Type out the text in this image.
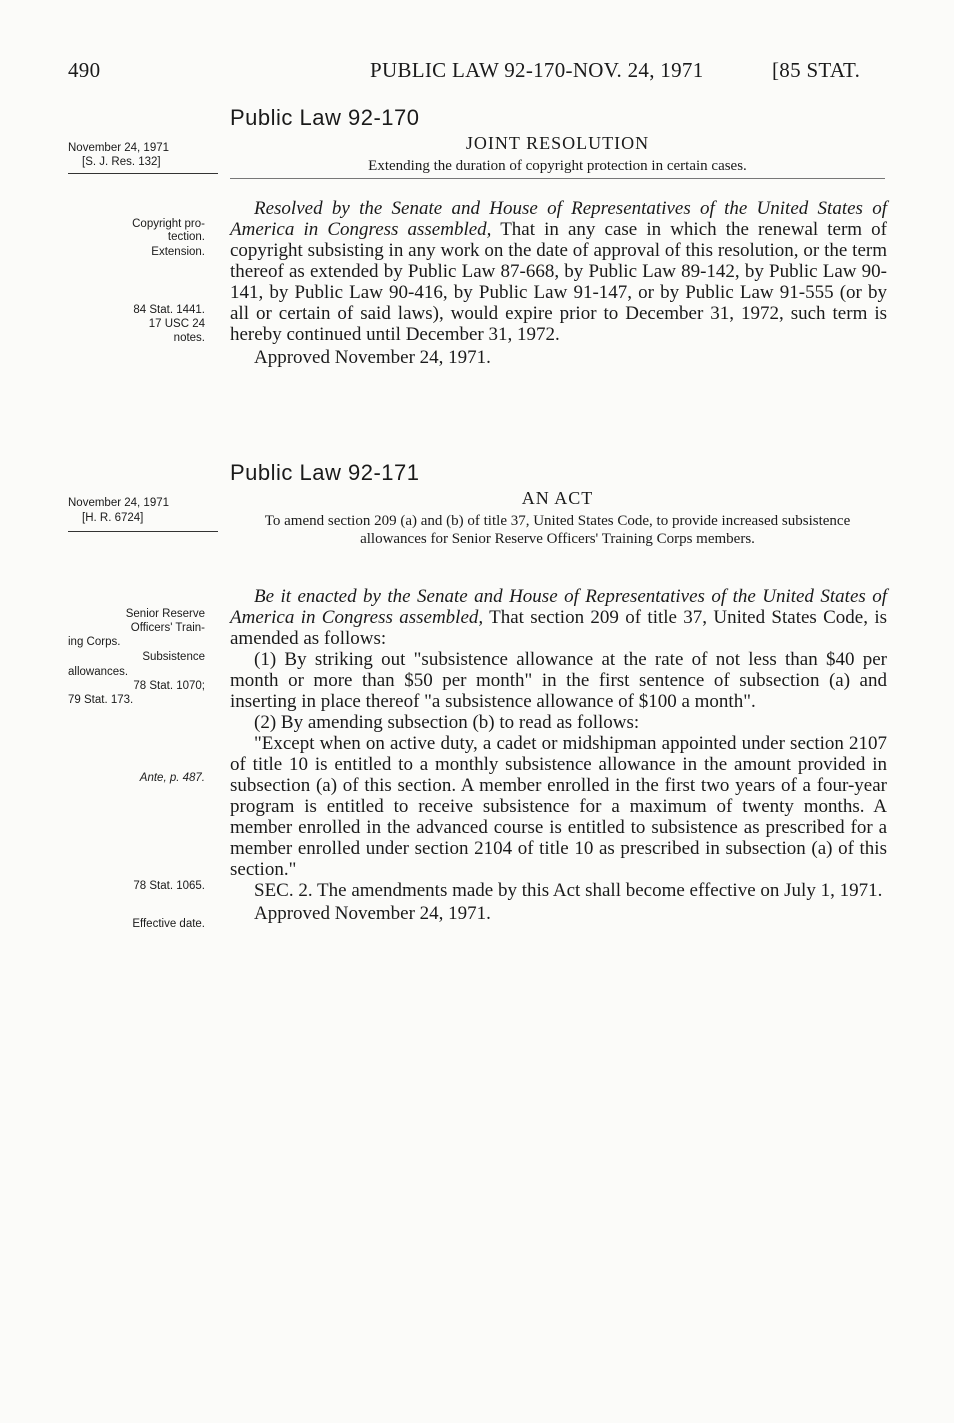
490	PUBLIC LAW 92-170-NOV. 24, 1971	[85 STAT.
Public Law 92-170
JOINT RESOLUTION
Extending the duration of copyright protection in certain cases.
November 24, 1971
[S. J. Res. 132]
Copyright pro-
tection.
Extension.
84 Stat. 1441.
17 USC 24
notes.

Resolved by the Senate and House of Representatives of the United States of America in Congress assembled, That in any case in which the renewal term of copyright subsisting in any work on the date of approval of this resolution, or the term thereof as extended by Public Law 87-668, by Public Law 89-142, by Public Law 90-141, by Public Law 90-416, by Public Law 91-147, or by Public Law 91-555 (or by all or certain of said laws), would expire prior to December 31, 1972, such term is hereby continued until December 31, 1972.

Approved November 24, 1971.

Public Law 92-171
AN ACT
To amend section 209 (a) and (b) of title 37, United States Code, to provide increased subsistence allowances for Senior Reserve Officers' Training Corps members.
November 24, 1971
[H. R. 6724]
Senior Reserve
Officers' Train-
ing Corps.
Subsistence
allowances.
78 Stat. 1070;
79 Stat. 173.
Ante, p. 487.
78 Stat. 1065.
Effective date.

Be it enacted by the Senate and House of Representatives of the United States of America in Congress assembled, That section 209 of title 37, United States Code, is amended as follows:

(1) By striking out "subsistence allowance at the rate of not less than $40 per month or more than $50 per month" in the first sentence of subsection (a) and inserting in place thereof "a subsistence allowance of $100 a month".

(2) By amending subsection (b) to read as follows:

"Except when on active duty, a cadet or midshipman appointed under section 2107 of title 10 is entitled to a monthly subsistence allowance in the amount provided in subsection (a) of this section. A member enrolled in the first two years of a four-year program is entitled to receive subsistence for a maximum of twenty months. A member enrolled in the advanced course is entitled to subsistence as prescribed for a member enrolled under section 2104 of title 10 as prescribed in subsection (a) of this section."

SEC. 2. The amendments made by this Act shall become effective on July 1, 1971.

Approved November 24, 1971.
